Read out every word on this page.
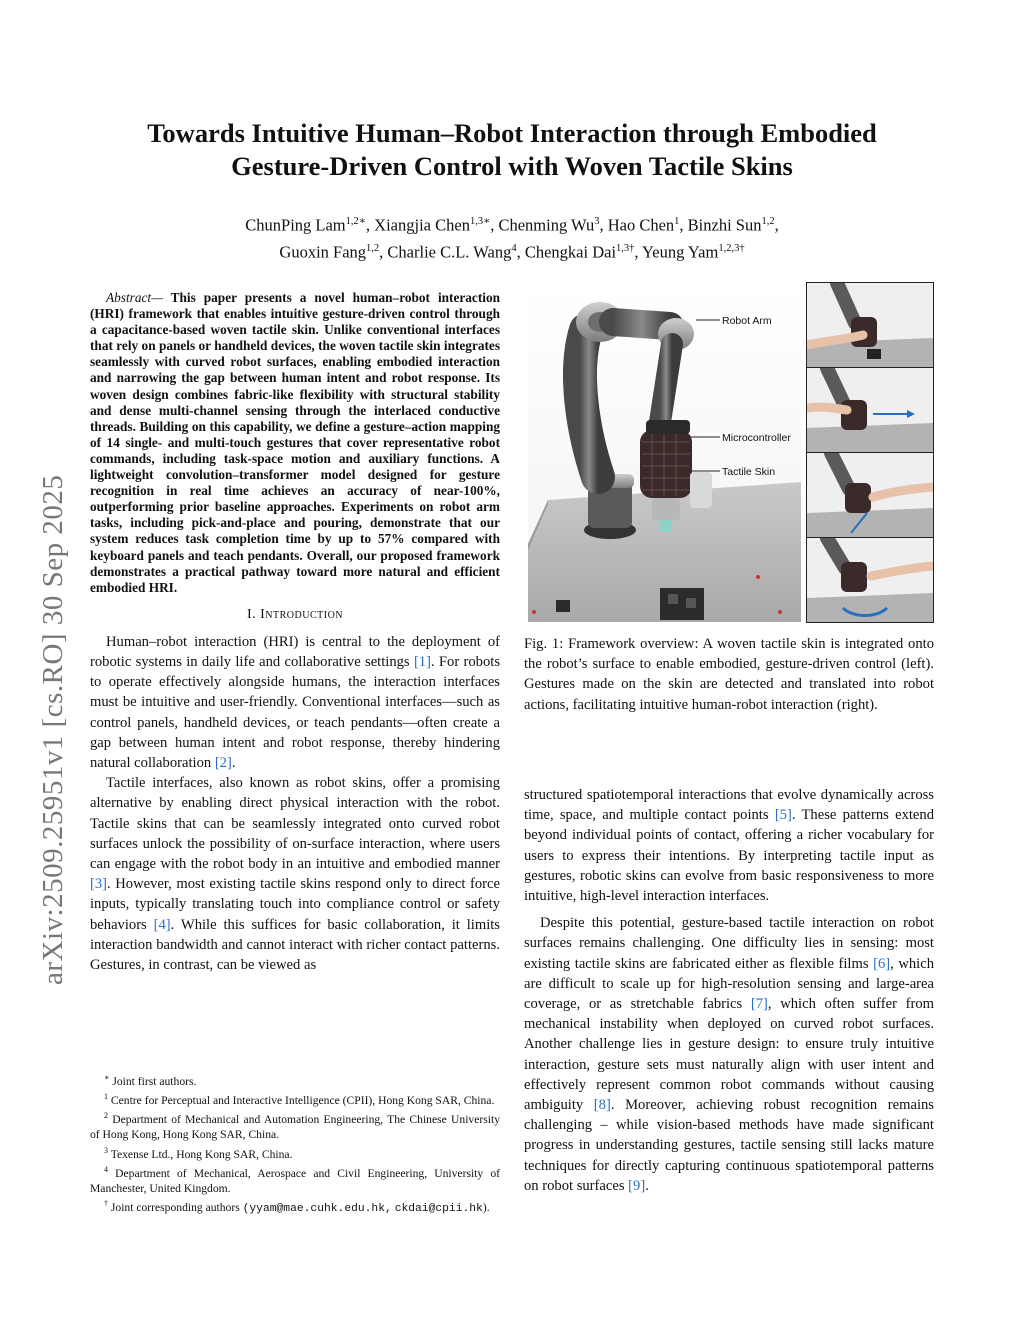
arXiv:2509.25951v1 [cs.RO] 30 Sep 2025
Towards Intuitive Human–Robot Interaction through Embodied
Gesture-Driven Control with Woven Tactile Skins
ChunPing Lam$^{1,2∗}$, Xiangjia Chen$^{1,3∗}$, Chenming Wu$^3$, Hao Chen$^1$, Binzhi Sun$^{1,2}$,
Guoxin Fang$^{1,2}$, Charlie C.L. Wang$^4$, Chengkai Dai$^{1,3\dagger}$, Yeung Yam$^{1,2,3\dagger}$

Abstract— This paper presents a novel human–robot interaction (HRI) framework that enables intuitive gesture-driven control through a capacitance-based woven tactile skin. Unlike conventional interfaces that rely on panels or handheld devices, the woven tactile skin integrates seamlessly with curved robot surfaces, enabling embodied interaction and narrowing the gap between human intent and robot response. Its woven design combines fabric-like flexibility with structural stability and dense multi-channel sensing through the interlaced conductive threads. Building on this capability, we define a gesture–action mapping of 14 single- and multi-touch gestures that cover representative robot commands, including task-space motion and auxiliary functions. A lightweight convolution–transformer model designed for gesture recognition in real time achieves an accuracy of near-100%, outperforming prior baseline approaches. Experiments on robot arm tasks, including pick-and-place and pouring, demonstrate that our system reduces task completion time by up to 57% compared with keyboard panels and teach pendants. Overall, our proposed framework demonstrates a practical pathway toward more natural and efficient embodied HRI.

I. Introduction

Human–robot interaction (HRI) is central to the deployment of robotic systems in daily life and collaborative settings [1]. For robots to operate effectively alongside humans, the interaction interfaces must be intuitive and user-friendly. Conventional interfaces—such as control panels, handheld devices, or teach pendants—often create a gap between human intent and robot response, thereby hindering natural collaboration [2].

Tactile interfaces, also known as robot skins, offer a promising alternative by enabling direct physical interaction with the robot. Tactile skins that can be seamlessly integrated onto curved robot surfaces unlock the possibility of on-surface interaction, where users can engage with the robot body in an intuitive and embodied manner [3]. However, most existing tactile skins respond only to direct force inputs, typically translating touch into compliance control or safety behaviors [4]. While this suffices for basic collaboration, it limits interaction bandwidth and cannot interact with richer contact patterns. Gestures, in contrast, can be viewed as

∗ Joint first authors.

$^1$ Centre for Perceptual and Interactive Intelligence (CPII), Hong Kong SAR, China.

$^2$ Department of Mechanical and Automation Engineering, The Chinese University of Hong Kong, Hong Kong SAR, China.

$^3$ Texense Ltd., Hong Kong SAR, China.

$^4$ Department of Mechanical, Aerospace and Civil Engineering, University of Manchester, United Kingdom.

† Joint corresponding authors (yyam@mae.cuhk.edu.hk, ckdai@cpii.hk).

Robot Arm
Microcontroller
Tactile Skin
Fig. 1: Framework overview: A woven tactile skin is integrated onto the robot’s surface to enable embodied, gesture-driven control (left). Gestures made on the skin are detected and translated into robot actions, facilitating intuitive human-robot interaction (right).

structured spatiotemporal interactions that evolve dynamically across time, space, and multiple contact points [5]. These patterns extend beyond individual points of contact, offering a richer vocabulary for users to express their intentions. By interpreting tactile input as gestures, robotic skins can evolve from basic responsiveness to more intuitive, high-level interaction interfaces.

Despite this potential, gesture-based tactile interaction on robot surfaces remains challenging. One difficulty lies in sensing: most existing tactile skins are fabricated either as flexible films [6], which are difficult to scale up for high-resolution sensing and large-area coverage, or as stretchable fabrics [7], which often suffer from mechanical instability when deployed on curved robot surfaces. Another challenge lies in gesture design: to ensure truly intuitive interaction, gesture sets must naturally align with user intent and effectively represent common robot commands without causing ambiguity [8]. Moreover, achieving robust recognition remains challenging – while vision-based methods have made significant progress in understanding gestures, tactile sensing still lacks mature techniques for directly capturing continuous spatiotemporal patterns on robot surfaces [9].
